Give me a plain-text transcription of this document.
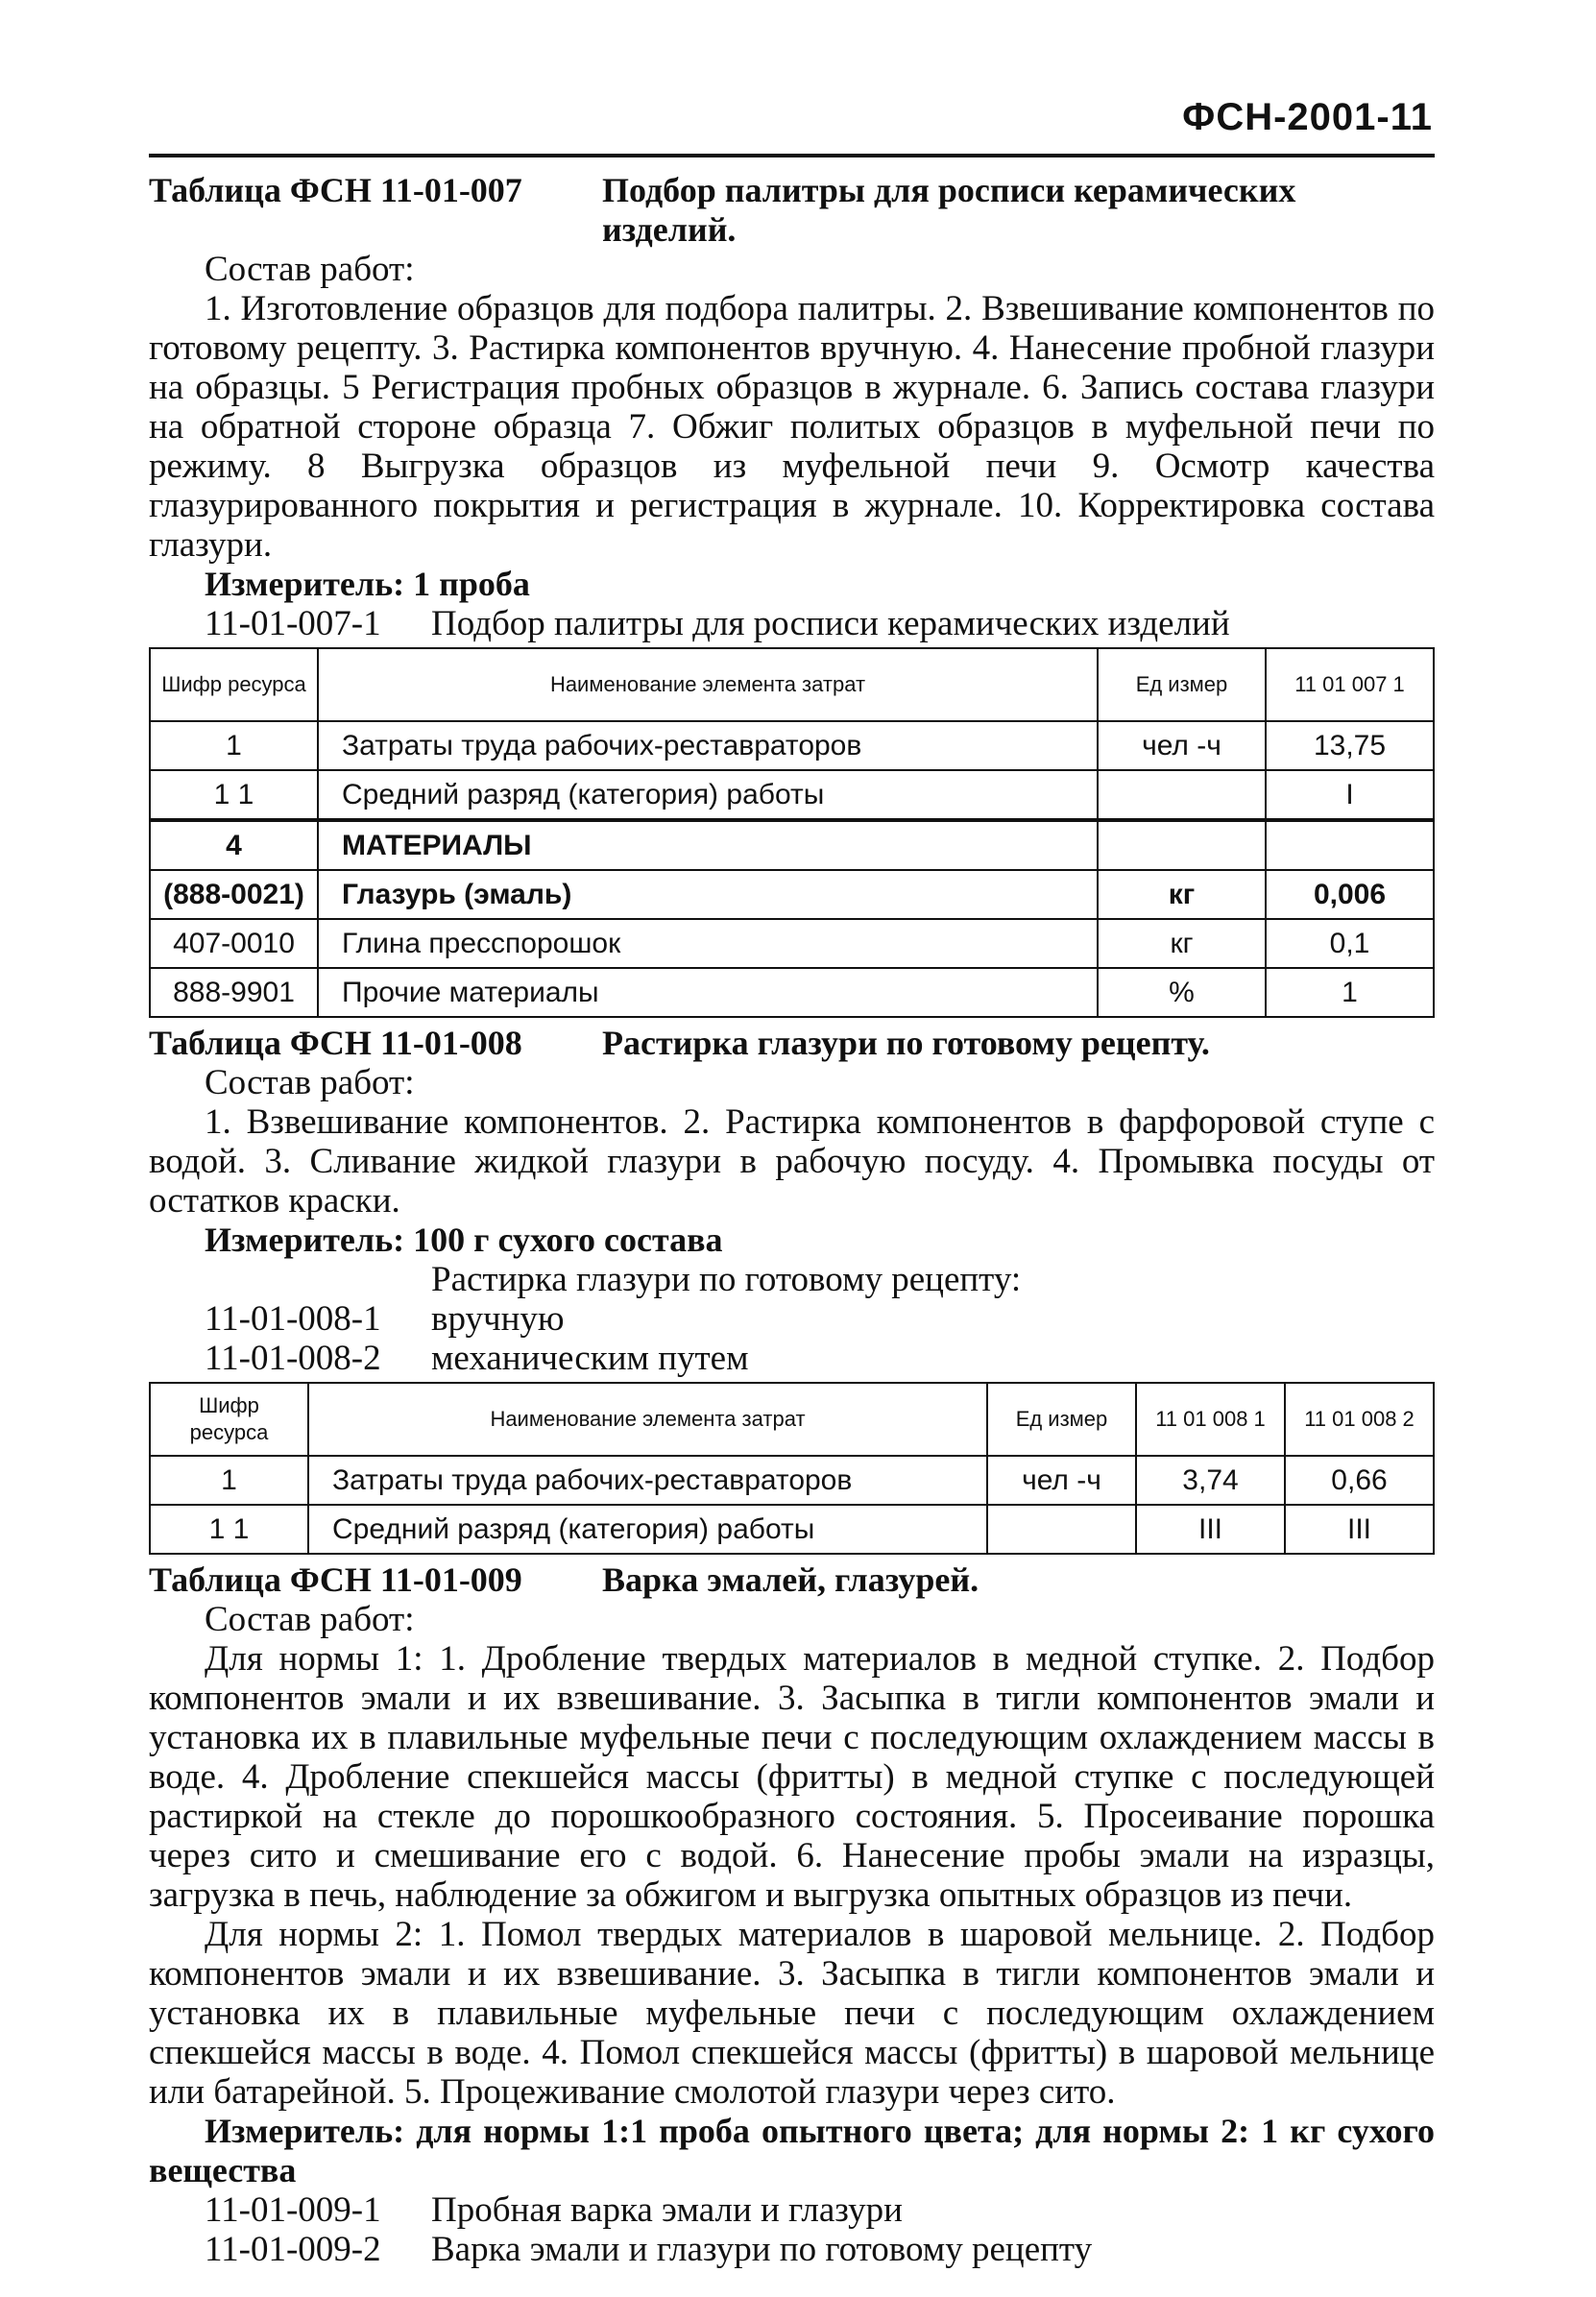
ФСН-2001-11
Таблица ФСН 11-01-007	Подбор палитры для росписи керамических изделий.
Состав работ:

1. Изготовление образцов для подбора палитры. 2. Взвешивание компонентов по готовому рецепту. 3. Растирка компонентов вручную. 4. Нанесение пробной глазури на образцы. 5 Регистрация пробных образцов в журнале. 6. Запись состава глазури на обратной стороне образца 7. Обжиг политых образцов в муфельной печи по режиму. 8 Выгрузка образцов из муфельной печи 9. Осмотр качества глазурированного покрытия и регистрация в журнале. 10. Корректировка состава глазури.

Измеритель: 1 проба
11-01-007-1	Подбор палитры для росписи керамических изделий
Шифр ресурса	Наименование элемента затрат	Ед измер	11 01 007 1
1	Затраты труда рабочих-реставраторов	чел -ч	13,75
1 1	Средний разряд (категория) работы		I
4	МАТЕРИАЛЫ		
(888-0021)	Глазурь (эмаль)	кг	0,006
407-0010	Глина пресспорошок	кг	0,1
888-9901	Прочие материалы	%	1
Таблица ФСН 11-01-008	Растирка глазури по готовому рецепту.
Состав работ:

1. Взвешивание компонентов. 2. Растирка компонентов в фарфоровой ступе с водой. 3. Сливание жидкой глазури в рабочую посуду. 4. Промывка посуды от остатков краски.

Измеритель: 100 г сухого состава
Растирка глазури по готовому рецепту:
11-01-008-1	вручную
11-01-008-2	механическим путем
Шифр ресурса	Наименование элемента затрат	Ед измер	11 01 008 1	11 01 008 2
1	Затраты труда рабочих-реставраторов	чел -ч	3,74	0,66
1 1	Средний разряд (категория) работы		III	III
Таблица ФСН 11-01-009	Варка эмалей, глазурей.
Состав работ:

Для нормы 1: 1. Дробление твердых материалов в медной ступке. 2. Подбор компонентов эмали и их взвешивание. 3. Засыпка в тигли компонентов эмали и установка их в плавильные муфельные печи с последующим охлаждением массы в воде. 4. Дробление спекшейся массы (фритты) в медной ступке с последующей растиркой на стекле до порошкообразного состояния. 5. Просеивание порошка через сито и смешивание его с водой. 6. Нанесение пробы эмали на изразцы, загрузка в печь, наблюдение за обжигом и выгрузка опытных образцов из печи.

Для нормы 2: 1. Помол твердых материалов в шаровой мельнице. 2. Подбор компонентов эмали и их взвешивание. 3. Засыпка в тигли компонентов эмали и установка их в плавильные муфельные печи с последующим охлаждением спекшейся массы в воде. 4. Помол спекшейся массы (фритты) в шаровой мельнице или батарейной. 5. Процеживание смолотой глазури через сито.

Измеритель: для нормы 1:1 проба опытного цвета; для нормы 2: 1 кг сухого вещества
11-01-009-1	Пробная варка эмали и глазури
11-01-009-2	Варка эмали и глазури по готовому рецепту
